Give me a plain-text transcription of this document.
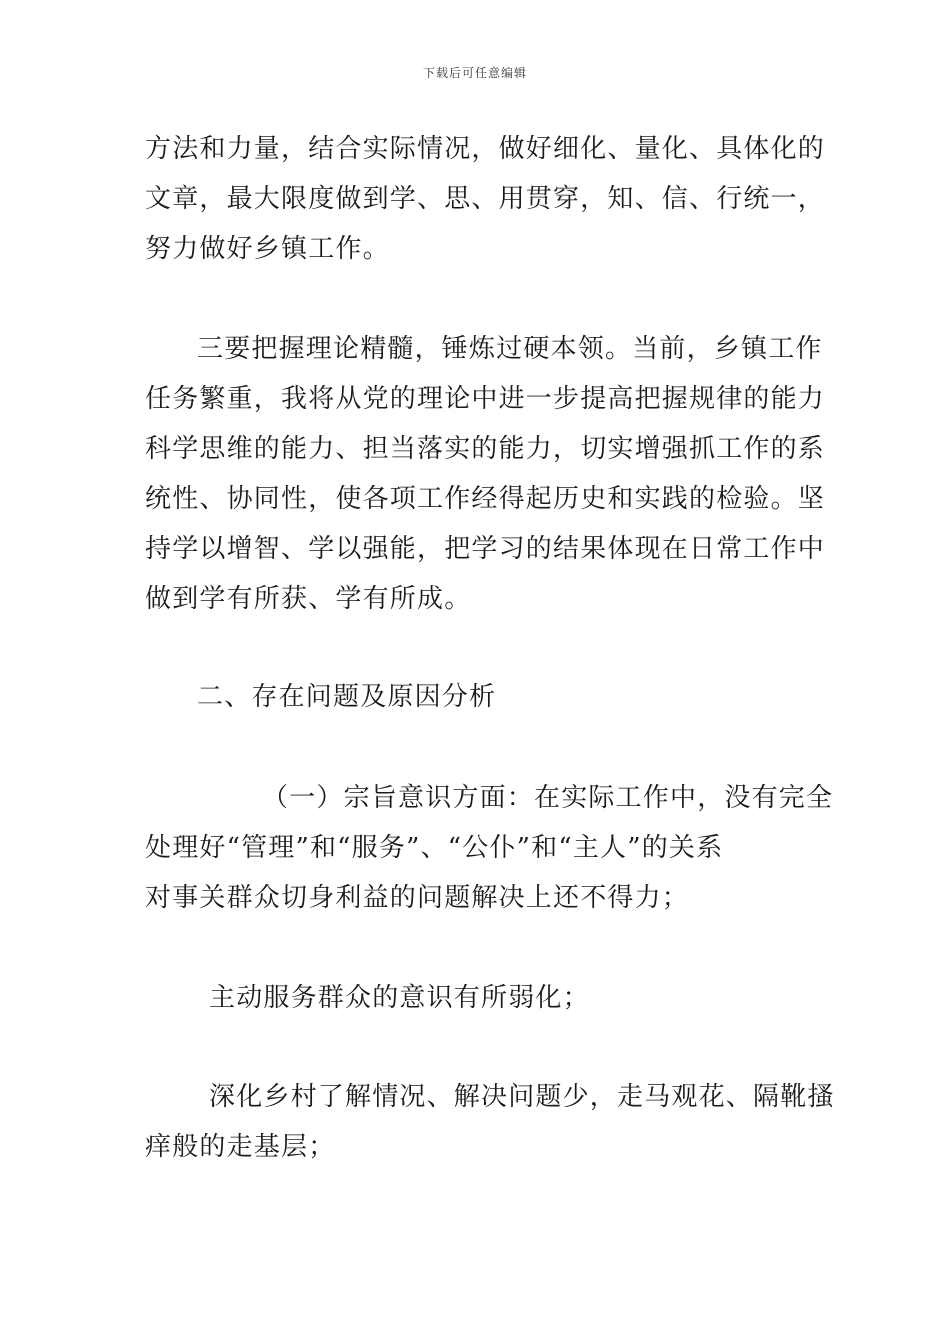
下载后可任意编辑
方法和力量，结合实际情况，做好细化、量化、具体化的
文章，最大限度做到学、思、用贯穿，知、信、行统一，
努力做好乡镇工作。
三要把握理论精髓，锤炼过硬本领。当前，乡镇工作
任务繁重，我将从党的理论中进一步提高把握规律的能力
科学思维的能力、担当落实的能力，切实增强抓工作的系
统性、协同性，使各项工作经得起历史和实践的检验。坚
持学以增智、学以强能，把学习的结果体现在日常工作中
做到学有所获、学有所成。
二、存在问题及原因分析
（一）宗旨意识方面：在实际工作中，没有完全
处理好“管理”和“服务”、“公仆”和“主人”的关系
对事关群众切身利益的问题解决上还不得力；
主动服务群众的意识有所弱化；
深化乡村了解情况、解决问题少，走马观花、隔靴搔
痒般的走基层；
